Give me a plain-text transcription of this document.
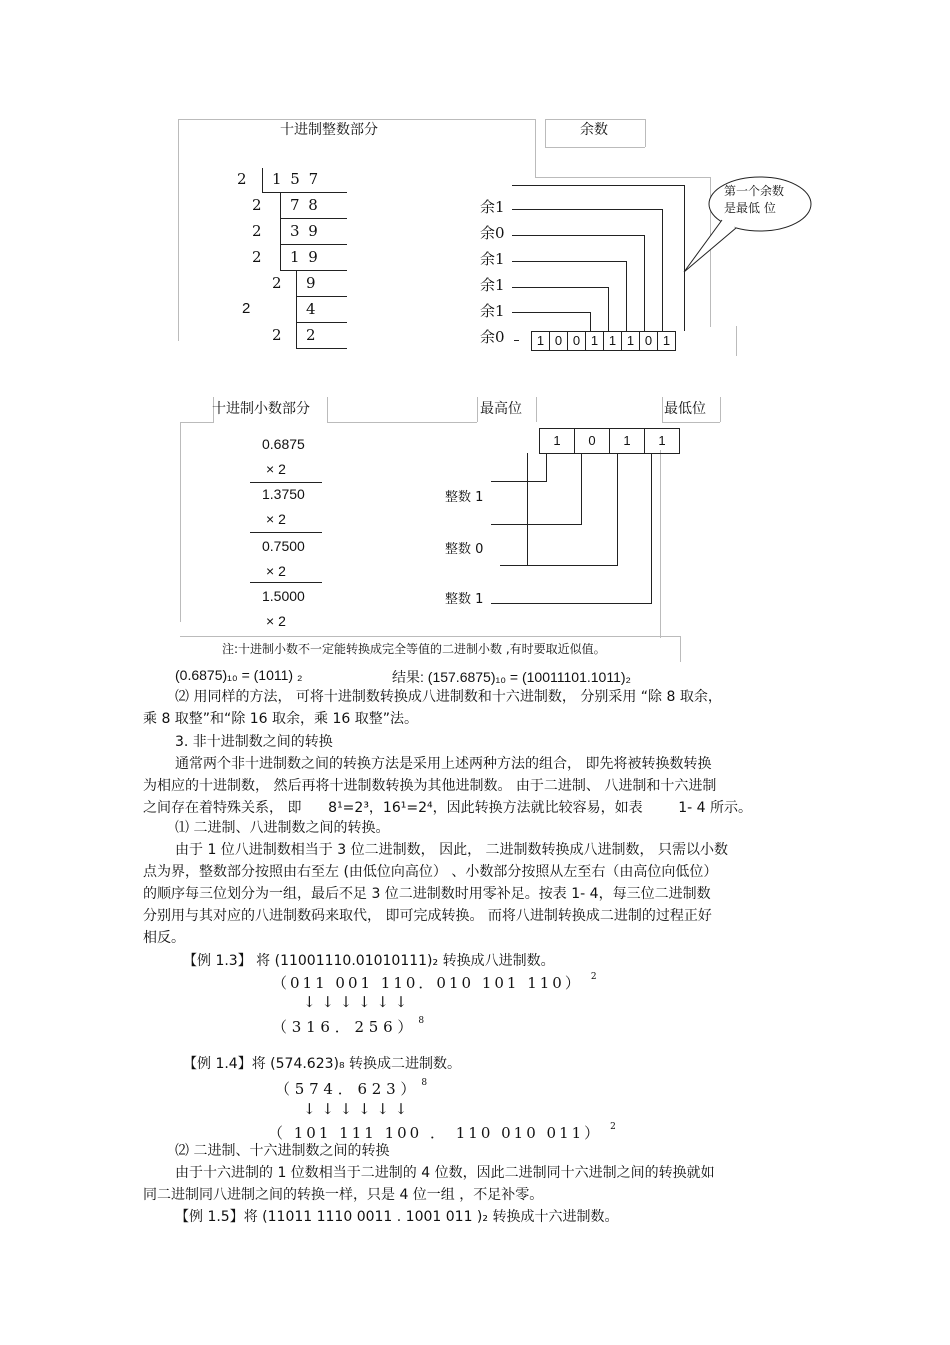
十进制整数部分	余数
2 1 5 7
2 7 8
2 3 9
2 1 9
2 9
2	4
2 2
余1
余0
余1
余1
余1
余0	1 0 0 1 1 1 0 1
第一个余数
是最低 位
十进制小数部分	最高位	最低位
1	0	1	1
0.6875
× 2
1.3750
× 2
0.7500
× 2
1.5000
× 2
整数 1
整数 0
整数 1
注:十进制小数不一定能转换成完全等值的二进制小数 ,有时要取近似值。
(0.6875)₁₀ = (1011) ₂	结果: (157.6875)₁₀ = (10011101.1011)₂
⑵ 用同样的方法， 可将十进制数转换成八进制数和十六进制数， 分别采用 “除 8 取余，
乘 8 取整”和“除 16 取余，乘 16 取整”法。
3. 非十进制数之间的转换
通常两个非十进制数之间的转换方法是采用上述两种方法的组合， 即先将被转换数转换
为相应的十进制数， 然后再将十进制数转换为其他进制数。 由于二进制、 八进制和十六进制
之间存在着特殊关系， 即 8¹=2³，16¹=2⁴，因此转换方法就比较容易，如表	1- 4 所示。
⑴ 二进制、八进制数之间的转换。
由于 1 位八进制数相当于 3 位二进制数， 因此， 二进制数转换成八进制数， 只需以小数
点为界，整数部分按照由右至左 (由低位向高位） 、小数部分按照从左至右（由高位向低位）
的顺序每三位划分为一组，最后不足 3 位二进制数时用零补足。按表 1- 4，每三位二进制数
分别用与其对应的八进制数码来取代， 即可完成转换。 而将八进制转换成二进制的过程正好
相反。
【例 1.3】 将 (11001110.01010111)₂ 转换成八进制数。
（011 001 110．010 101 110） $^2$
↓ ↓ ↓ ↓ ↓ ↓
（ 3 1 6 ． 2 5 6 ） $^8$
【例 1.4】将 (574.623)₈ 转换成二进制数。
（ 5 7 4 ． 6 2 3 ） $^8$
↓ ↓ ↓ ↓ ↓ ↓
（ 101 111 100 ． 110 010 011） $^2$
⑵ 二进制、十六进制数之间的转换
由于十六进制的 1 位数相当于二进制的 4 位数，因此二进制同十六进制之间的转换就如
同二进制同八进制之间的转换一样，只是 4 位一组 ，不足补零。
【例 1.5】将 (11011 1110 0011 . 1001 011 )₂ 转换成十六进制数。
